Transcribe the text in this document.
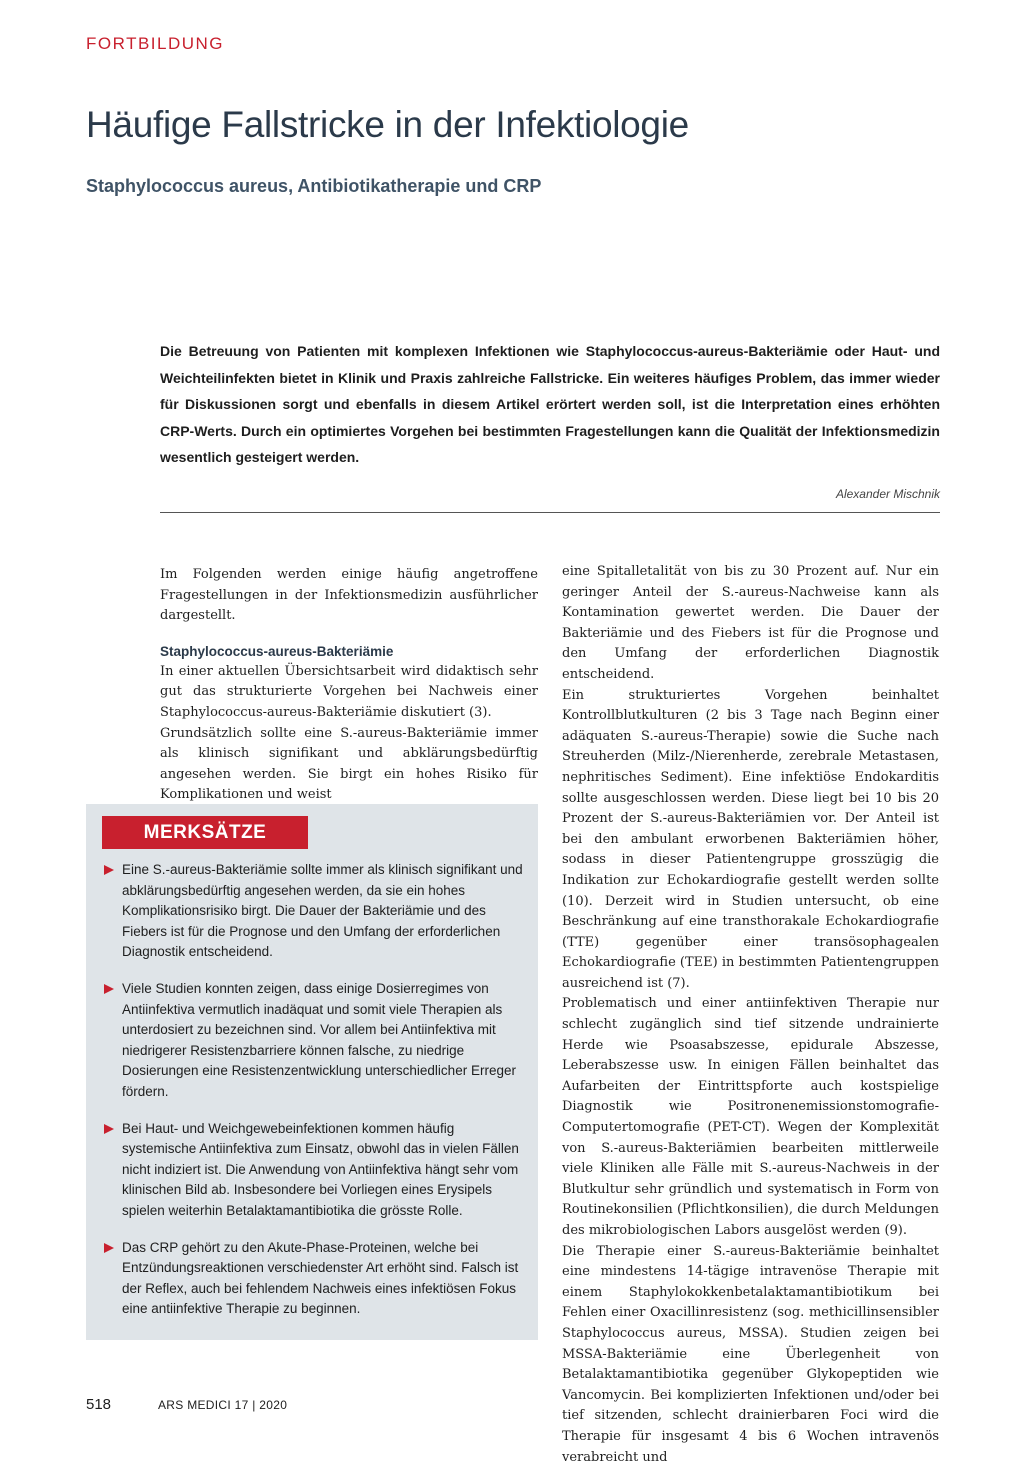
FORTBILDUNG
Häufige Fallstricke in der Infektiologie
Staphylococcus aureus, Antibiotikatherapie und CRP

Die Betreuung von Patienten mit komplexen Infektionen wie Staphylococcus-aureus-Bakteriämie oder Haut- und Weichteilinfekten bietet in Klinik und Praxis zahlreiche Fallstricke. Ein weiteres häufiges Problem, das immer wieder für Diskussionen sorgt und ebenfalls in diesem Artikel erörtert werden soll, ist die Interpretation eines erhöhten CRP-Werts. Durch ein optimiertes Vorgehen bei bestimmten Fragestellungen kann die Qualität der Infektionsmedizin wesentlich gesteigert werden.

Alexander Mischnik

Im Folgenden werden einige häufig angetroffene Fragestellungen in der Infektionsmedizin ausführlicher dargestellt.

Staphylococcus-aureus-Bakteriämie

In einer aktuellen Übersichtsarbeit wird didaktisch sehr gut das strukturierte Vorgehen bei Nachweis einer Staphylococcus-aureus-Bakteriämie diskutiert (3).

Grundsätzlich sollte eine S.-aureus-Bakteriämie immer als klinisch signifikant und abklärungsbedürftig angesehen werden. Sie birgt ein hohes Risiko für Komplikationen und weist

MERKSÄTZE
Eine S.-aureus-Bakteriämie sollte immer als klinisch signifikant und abklärungsbedürftig angesehen werden, da sie ein hohes Komplikationsrisiko birgt. Die Dauer der Bakteriämie und des Fiebers ist für die Prognose und den Umfang der erforderlichen Diagnostik entscheidend.
Viele Studien konnten zeigen, dass einige Dosierregimes von Antiinfektiva vermutlich inadäquat und somit viele Therapien als unterdosiert zu bezeichnen sind. Vor allem bei Antiinfektiva mit niedrigerer Resistenzbarriere können falsche, zu niedrige Dosierungen eine Resistenzentwicklung unterschiedlicher Erreger fördern.
Bei Haut- und Weichgewebeinfektionen kommen häufig systemische Antiinfektiva zum Einsatz, obwohl das in vielen Fällen nicht indiziert ist. Die Anwendung von Antiinfektiva hängt sehr vom klinischen Bild ab. Insbesondere bei Vorliegen eines Erysipels spielen weiterhin Betalaktamantibiotika die grösste Rolle.
Das CRP gehört zu den Akute-Phase-Proteinen, welche bei Entzündungsreaktionen verschiedenster Art erhöht sind. Falsch ist der Reflex, auch bei fehlendem Nachweis eines infektiösen Fokus eine antiinfektive Therapie zu beginnen.

eine Spitalletalität von bis zu 30 Prozent auf. Nur ein geringer Anteil der S.-aureus-Nachweise kann als Kontamination gewertet werden. Die Dauer der Bakteriämie und des Fiebers ist für die Prognose und den Umfang der erforderlichen Diagnostik entscheidend.

Ein strukturiertes Vorgehen beinhaltet Kontrollblutkulturen (2 bis 3 Tage nach Beginn einer adäquaten S.-aureus-Therapie) sowie die Suche nach Streuherden (Milz-/Nierenherde, zerebrale Metastasen, nephritisches Sediment). Eine infektiöse Endokarditis sollte ausgeschlossen werden. Diese liegt bei 10 bis 20 Prozent der S.-aureus-Bakteriämien vor. Der Anteil ist bei den ambulant erworbenen Bakteriämien höher, sodass in dieser Patientengruppe grosszügig die Indikation zur Echokardiografie gestellt werden sollte (10). Derzeit wird in Studien untersucht, ob eine Beschränkung auf eine transthorakale Echokardiografie (TTE) gegenüber einer transösophagealen Echokardiografie (TEE) in bestimmten Patientengruppen ausreichend ist (7).

Problematisch und einer antiinfektiven Therapie nur schlecht zugänglich sind tief sitzende undrainierte Herde wie Psoasabszesse, epidurale Abszesse, Leberabszesse usw. In einigen Fällen beinhaltet das Aufarbeiten der Eintrittspforte auch kostspielige Diagnostik wie Positronenemissionstomografie-Computertomografie (PET-CT). Wegen der Komplexität von S.-aureus-Bakteriämien bearbeiten mittlerweile viele Kliniken alle Fälle mit S.-aureus-Nachweis in der Blutkultur sehr gründlich und systematisch in Form von Routinekonsilien (Pflichtkonsilien), die durch Meldungen des mikrobiologischen Labors ausgelöst werden (9).

Die Therapie einer S.-aureus-Bakteriämie beinhaltet eine mindestens 14-tägige intravenöse Therapie mit einem Staphylokokkenbetalaktamantibiotikum bei Fehlen einer Oxacillinresistenz (sog. methicillinsensibler Staphylococcus aureus, MSSA). Studien zeigen bei MSSA-Bakteriämie eine Überlegenheit von Betalaktamantibiotika gegenüber Glykopeptiden wie Vancomycin. Bei komplizierten Infektionen und/oder bei tief sitzenden, schlecht drainierbaren Foci wird die Therapie für insgesamt 4 bis 6 Wochen intravenös verabreicht und

518	ARS MEDICI 17 | 2020
